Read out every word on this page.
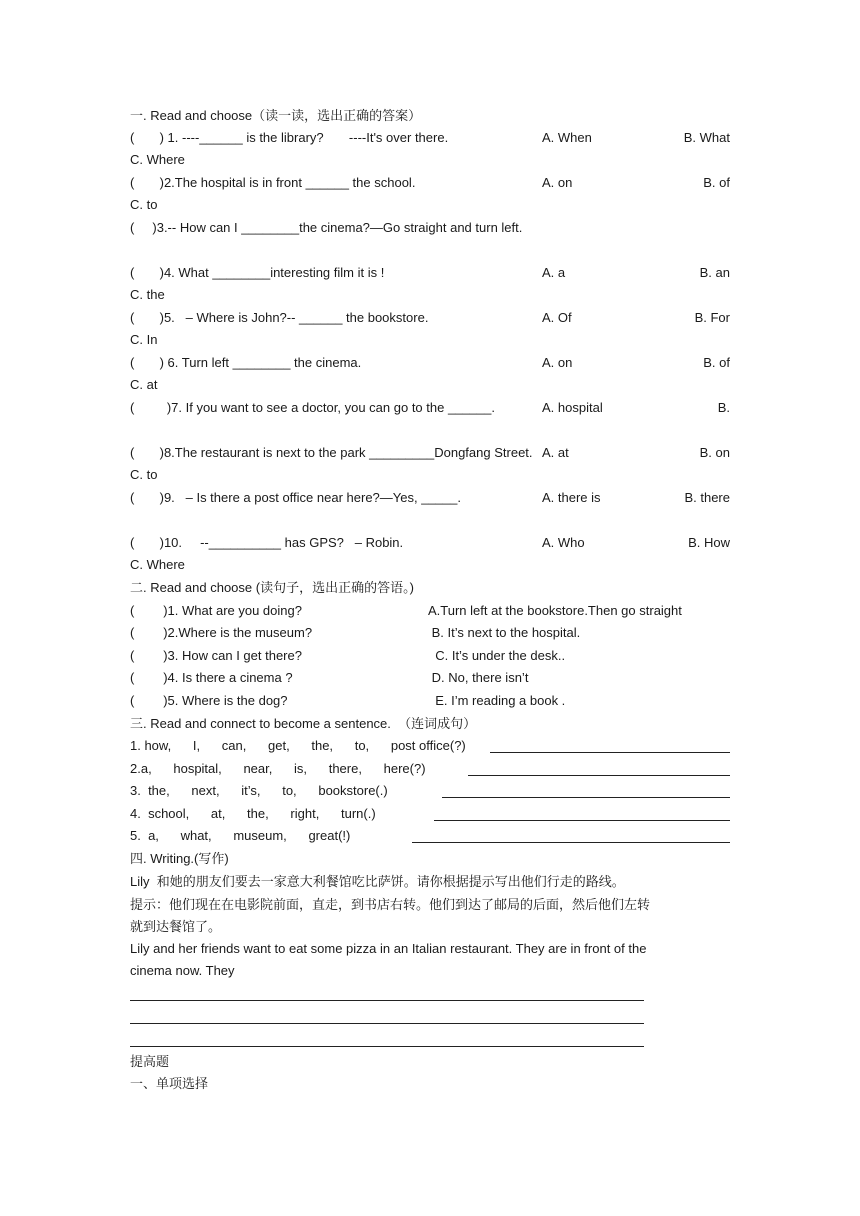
一. Read and choose（读一读，选出正确的答案）
(       ) 1. ----______ is the library?       ----It's over there.	A. When	B. What
C. Where
(       )2.The hospital is in front ______ the school.	A. on	B. of
C. to
(     )3.-- How can I ________the cinema?—Go straight and turn left.

(       )4. What ________interesting film it is !	A. a	B. an
C. the
(       )5.   – Where is John?-- ______ the bookstore.	A. Of	B. For
C. In
(       ) 6. Turn left ________ the cinema.	A. on	B. of
C. at
(         )7. If you want to see a doctor, you can go to the ______.	A. hospital	B.

(       )8.The restaurant is next to the park _________Dongfang Street. A. at	B. on
C. to
(       )9.   – Is there a post office near here?—Yes, _____.	A. there is	B. there

(       )10.     --__________ has GPS?   – Robin.	A. Who	B. How
C. Where
二. Read and choose (读句子，选出正确的答语。)
(        )1. What are you doing?	A.Turn left at the bookstore.Then go straight
(        )2.Where is the museum?	B. It’s next to the hospital.
(        )3. How can I get there?	C. It’s under the desk..
(        )4. Is there a cinema ?	D. No, there isn’t
(        )5. Where is the dog?	E. I’m reading a book .
三. Read and connect to become a sentence.  （连词成句）
1. how,      I,      can,      get,      the,      to,      post office(?)
2.a,      hospital,      near,      is,      there,      here(?)
3.  the,      next,      it’s,      to,      bookstore(.)
4.  school,      at,      the,      right,      turn(.)
5.  a,      what,      museum,      great(!)
四. Writing.(写作)
Lily  和她的朋友们要去一家意大利餐馆吃比萨饼。请你根据提示写出他们行走的路线。
提示：他们现在在电影院前面，直走，到书店右转。他们到达了邮局的后面，然后他们左转
就到达餐馆了。
Lily and her friends want to eat some pizza in an Italian restaurant. They are in front of the
cinema now. They
提高题
一、单项选择
